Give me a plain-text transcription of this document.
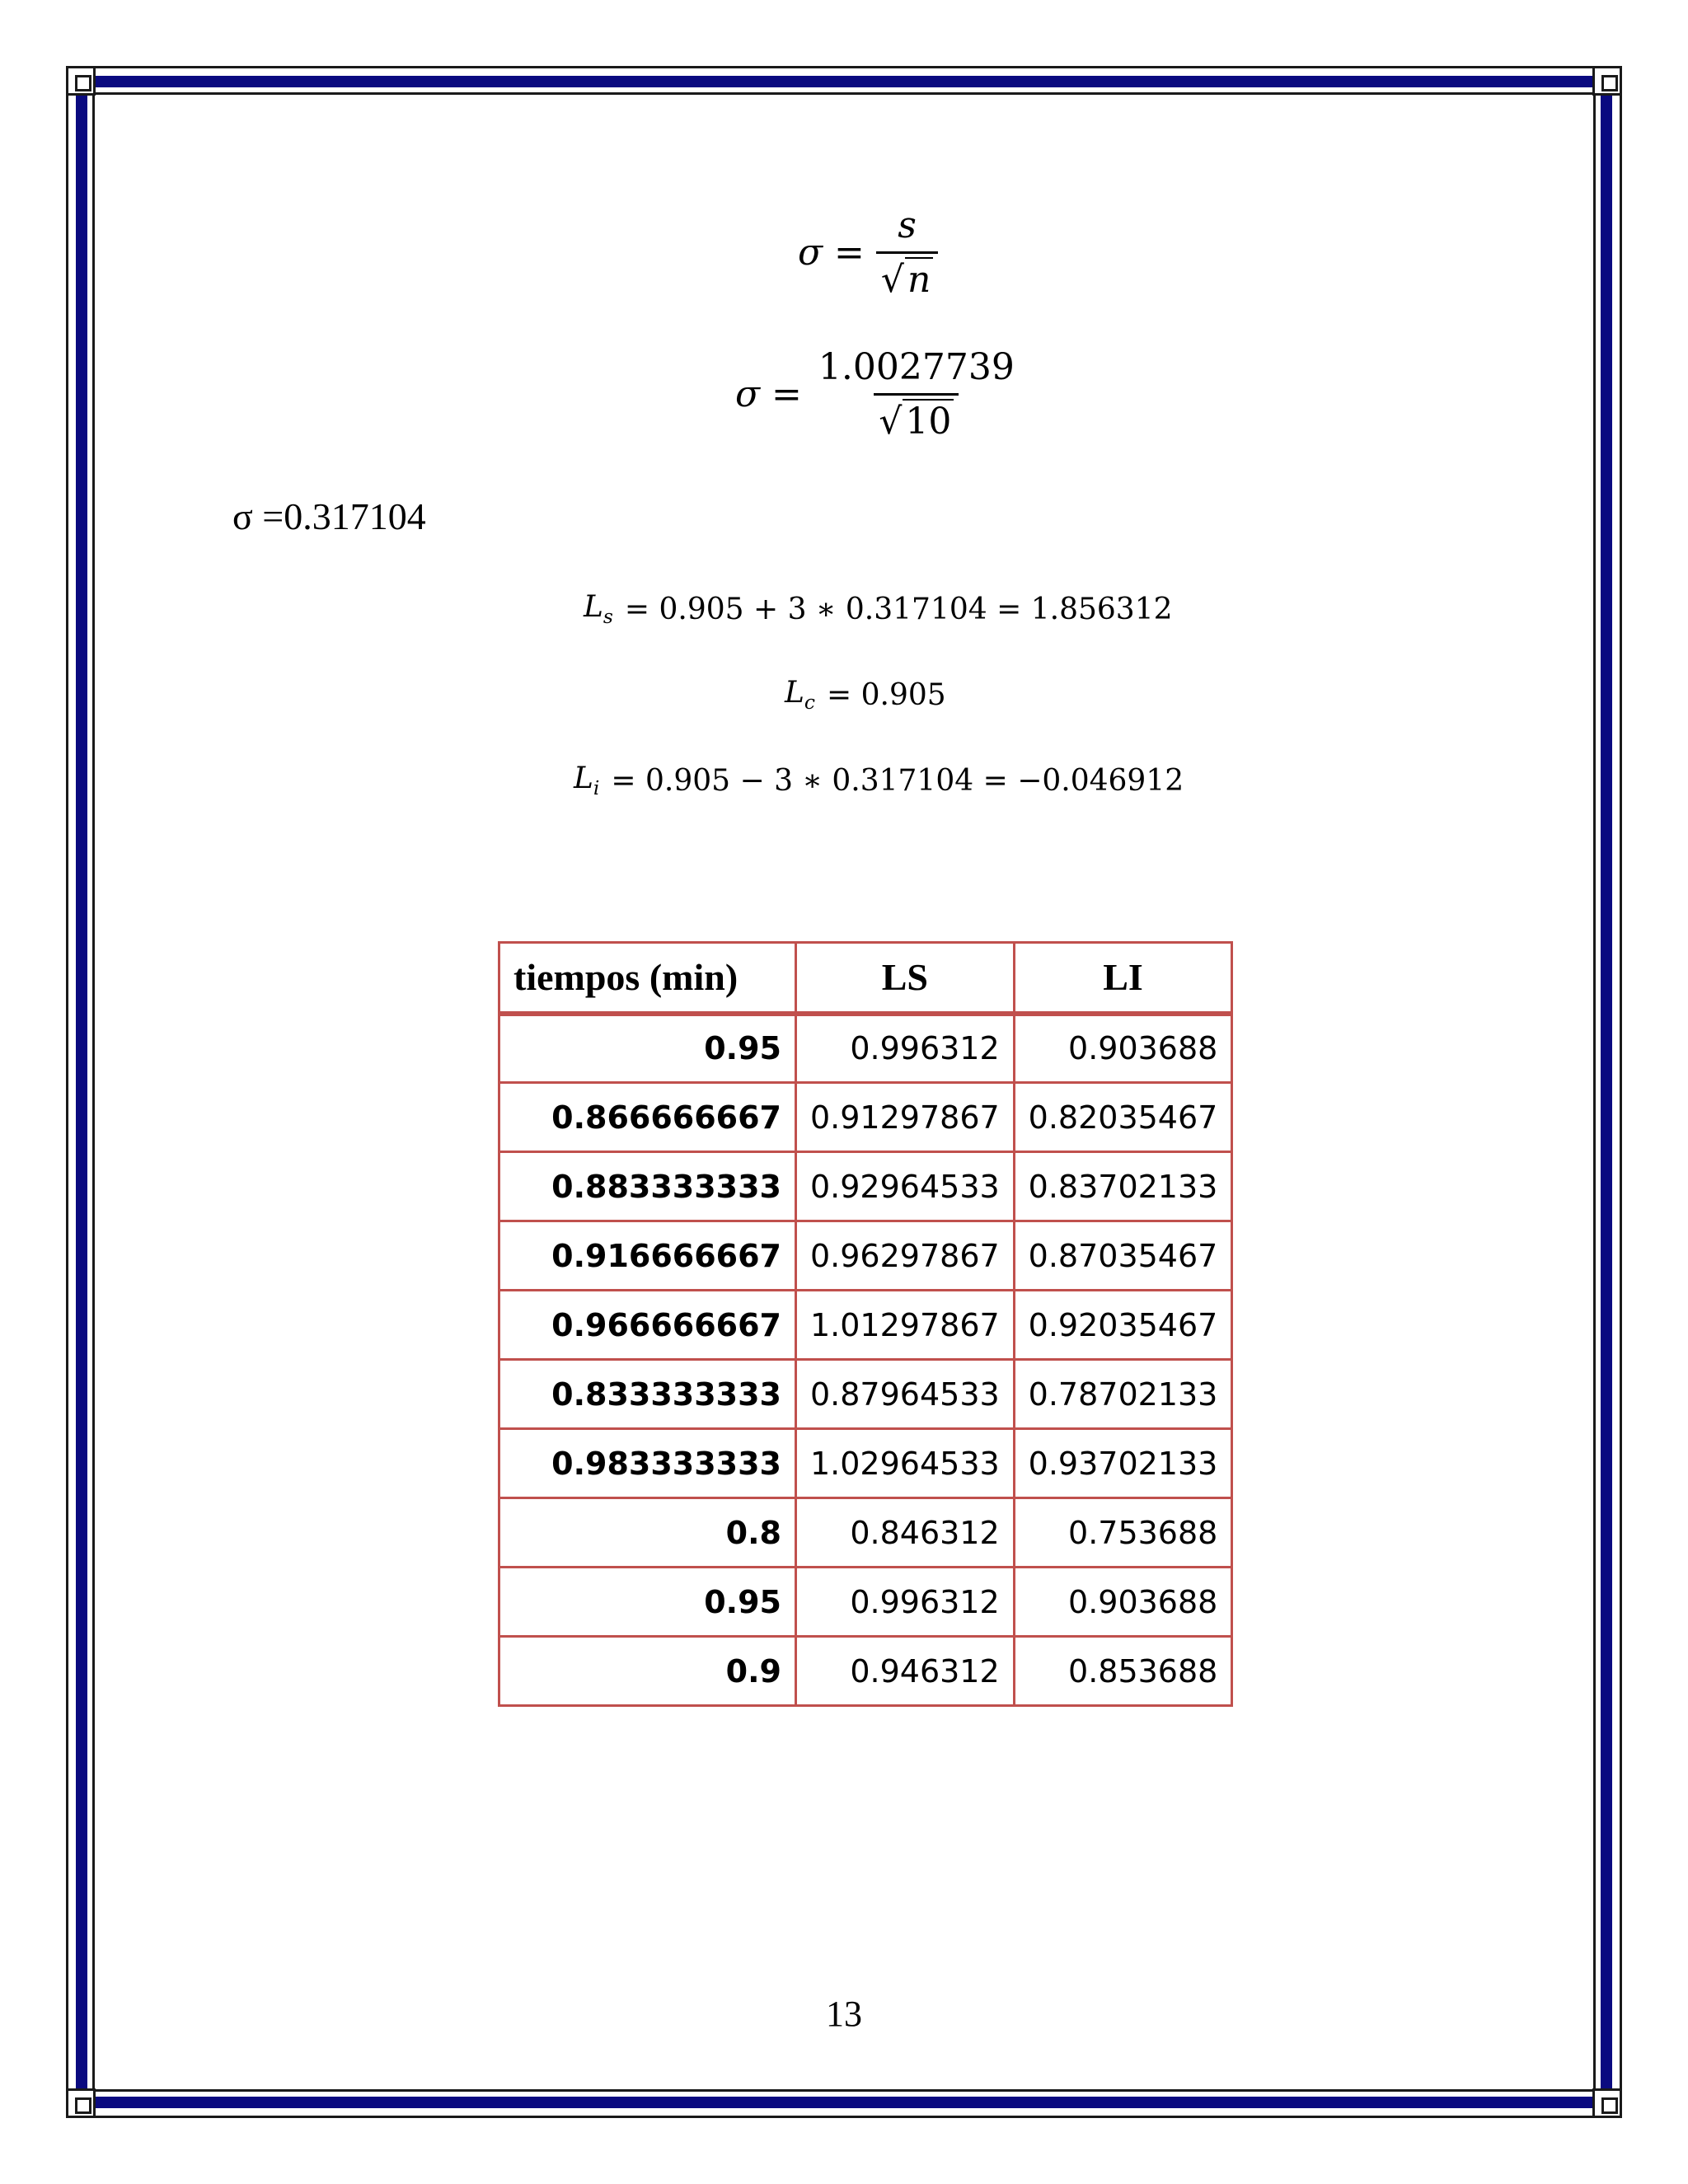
$\sigma = \frac{s}{√ n}$
$\sigma = \frac{1.0027739}{√ 10}$
σ =0.317104
$L_s = 0.905 + 3$ ∗ 0.317104 = 1.856312
$L_c = 0.905$
$L_i = 0.905 - 3$ ∗ 0.317104 = −0.046912
tiempos (min)	LS	LI
0.95	0.996312	0.903688
0.866666667	0.91297867	0.82035467
0.883333333	0.92964533	0.83702133
0.916666667	0.96297867	0.87035467
0.966666667	1.01297867	0.92035467
0.833333333	0.87964533	0.78702133
0.983333333	1.02964533	0.93702133
0.8	0.846312	0.753688
0.95	0.996312	0.903688
0.9	0.946312	0.853688
13
